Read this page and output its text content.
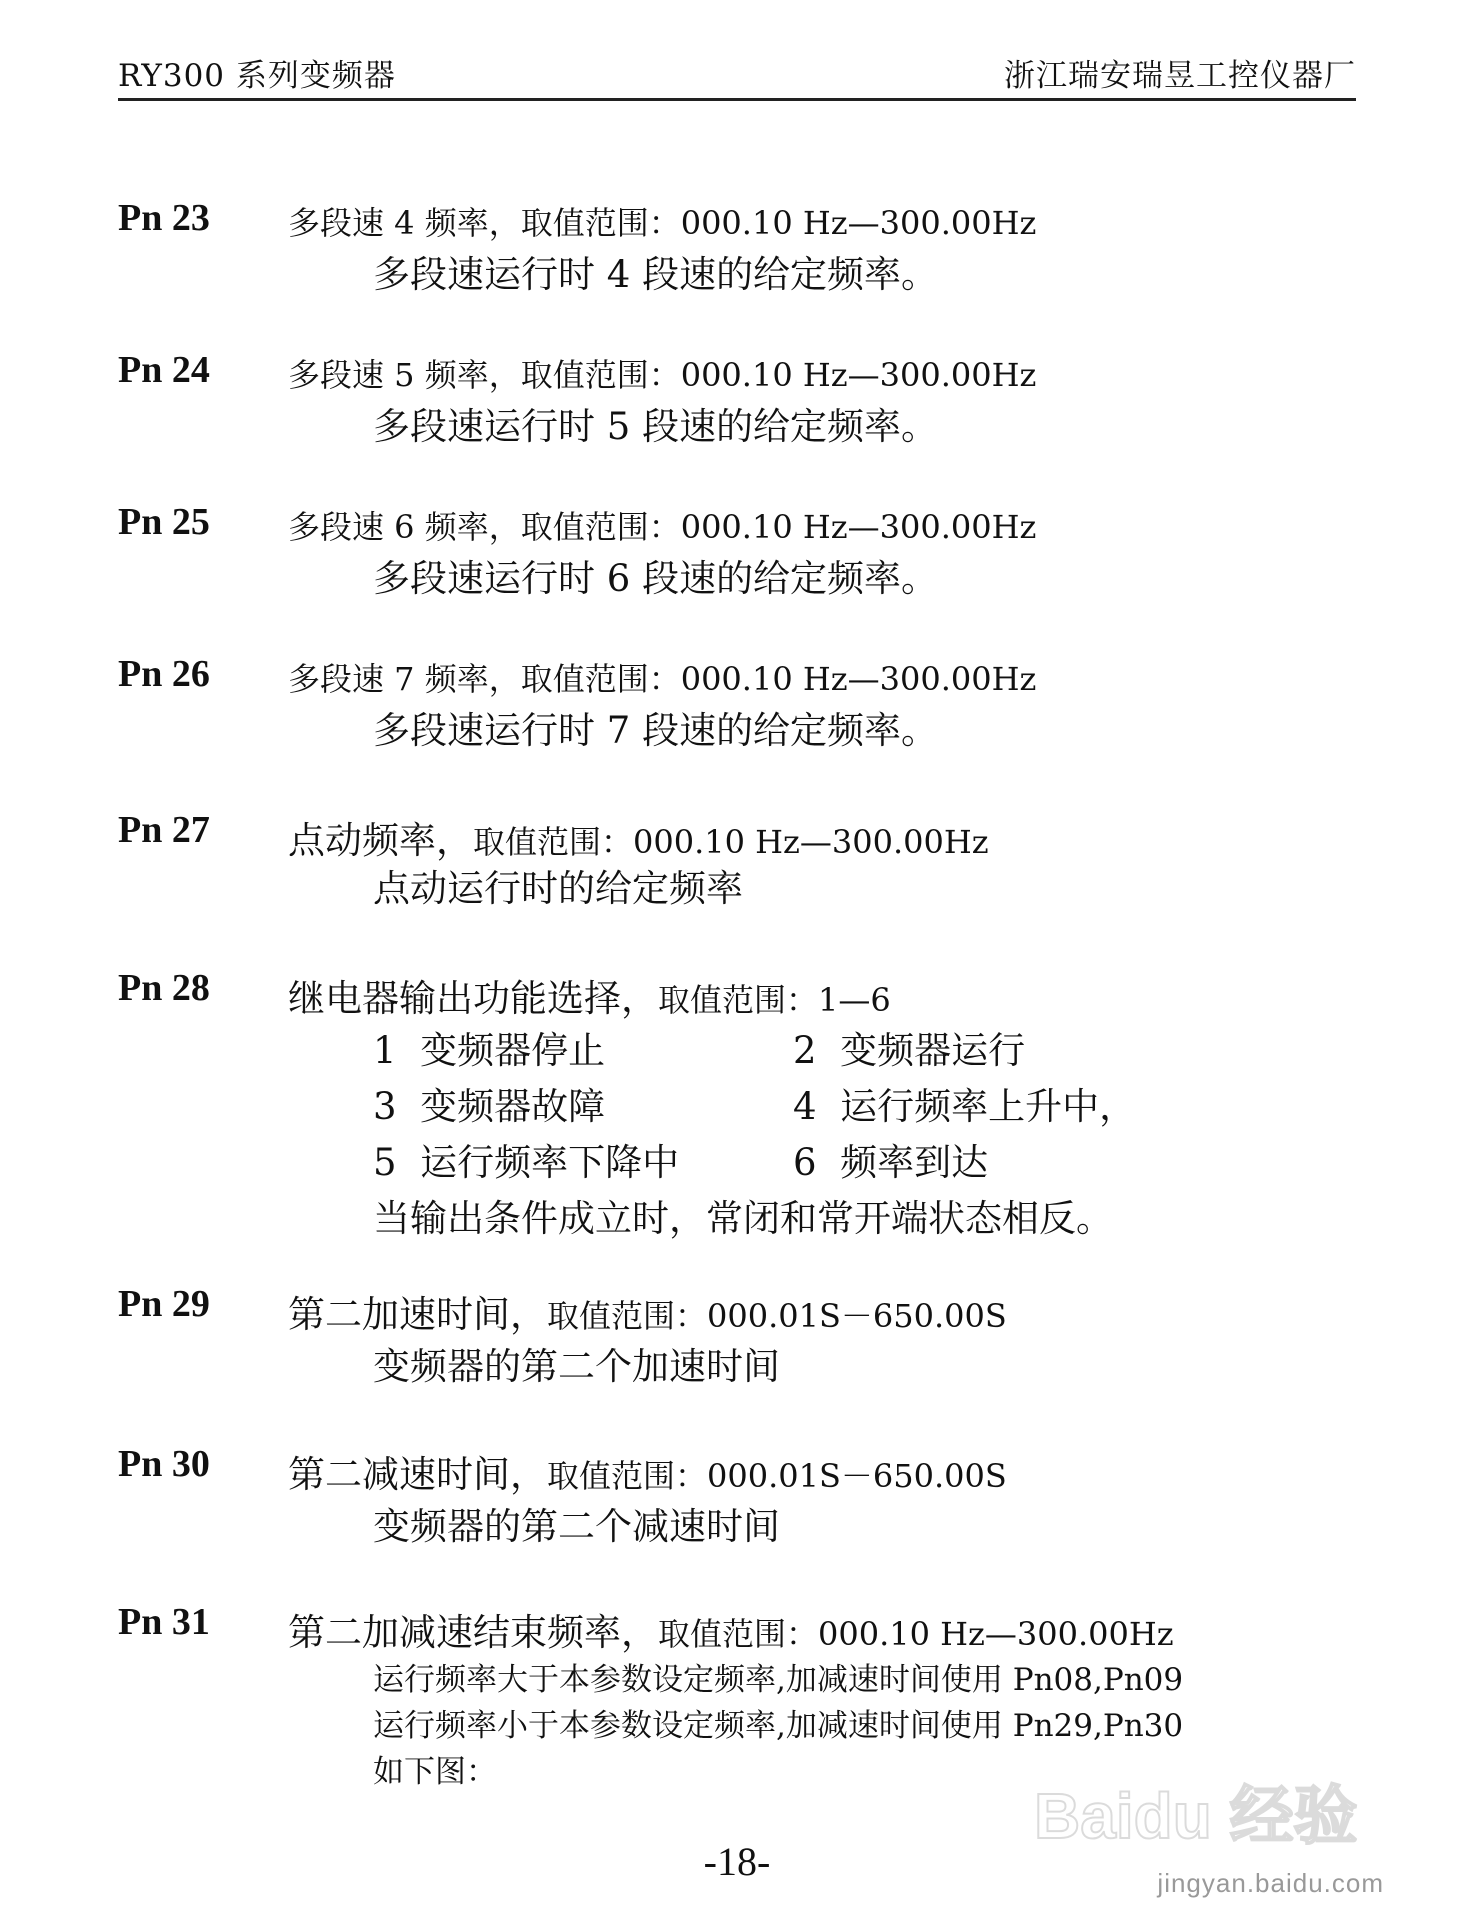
RY300 系列变频器	浙江瑞安瑞昱工控仪器厂
Pn 23 多段速 4 频率，取值范围：000.10 Hz—300.00Hz
多段速运行时 4 段速的给定频率。
Pn 24 多段速 5 频率，取值范围：000.10 Hz—300.00Hz
多段速运行时 5 段速的给定频率。
Pn 25 多段速 6 频率，取值范围：000.10 Hz—300.00Hz
多段速运行时 6 段速的给定频率。
Pn 26 多段速 7 频率，取值范围：000.10 Hz—300.00Hz
多段速运行时 7 段速的给定频率。
Pn 27 点动频率，取值范围：000.10 Hz—300.00Hz
点动运行时的给定频率
Pn 28 继电器输出功能选择，取值范围：1—6
1 变频器停止	2 变频器运行
3 变频器故障	4 运行频率上升中，
5 运行频率下降中	6 频率到达
当输出条件成立时，常闭和常开端状态相反。
Pn 29 第二加速时间，取值范围：000.01S－650.00S
变频器的第二个加速时间
Pn 30 第二减速时间，取值范围：000.01S－650.00S
变频器的第二个减速时间
Pn 31 第二加减速结束频率，取值范围：000.10 Hz—300.00Hz
运行频率大于本参数设定频率,加减速时间使用 Pn08,Pn09
运行频率小于本参数设定频率,加减速时间使用 Pn29,Pn30
如下图：
Baidu 经验
jingyan.baidu.com
-18-
